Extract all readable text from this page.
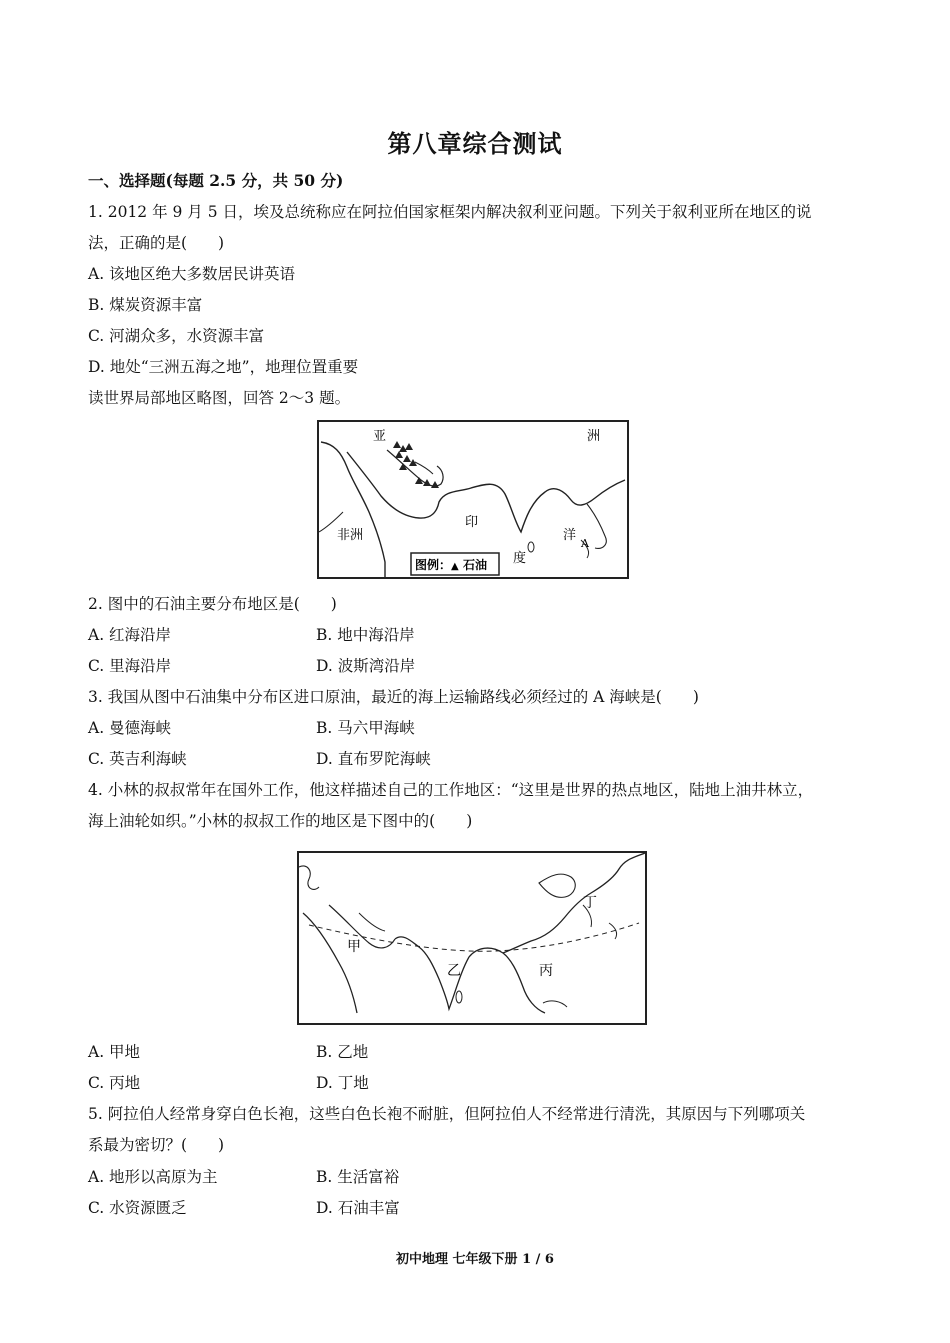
第八章综合测试
一、选择题(每题 2.5 分，共 50 分)
1. 2012 年 9 月 5 日，埃及总统称应在阿拉伯国家框架内解决叙利亚问题。下列关于叙利亚所在地区的说
法，正确的是(　　)
A. 该地区绝大多数居民讲英语
B. 煤炭资源丰富
C. 河湖众多，水资源丰富
D. 地处“三洲五海之地”，地理位置重要
读世界局部地区略图，回答 2～3 题。
亚	洲
非洲
印
度
洋
A
图例： ▲ 石油
2. 图中的石油主要分布地区是(　　)
A. 红海沿岸	B. 地中海沿岸
C. 里海沿岸	D. 波斯湾沿岸
3. 我国从图中石油集中分布区进口原油，最近的海上运输路线必须经过的 A 海峡是(　　)
A. 曼德海峡	B. 马六甲海峡
C. 英吉利海峡	D. 直布罗陀海峡
4. 小林的叔叔常年在国外工作，他这样描述自己的工作地区：“这里是世界的热点地区，陆地上油井林立，
海上油轮如织。”小林的叔叔工作的地区是下图中的(　　)
甲
乙	丙
丁
A. 甲地	B. 乙地
C. 丙地	D. 丁地
5. 阿拉伯人经常身穿白色长袍，这些白色长袍不耐脏，但阿拉伯人不经常进行清洗，其原因与下列哪项关
系最为密切？(　　)
A. 地形以高原为主	B. 生活富裕
C. 水资源匮乏	D. 石油丰富
初中地理 七年级下册 1 / 6
